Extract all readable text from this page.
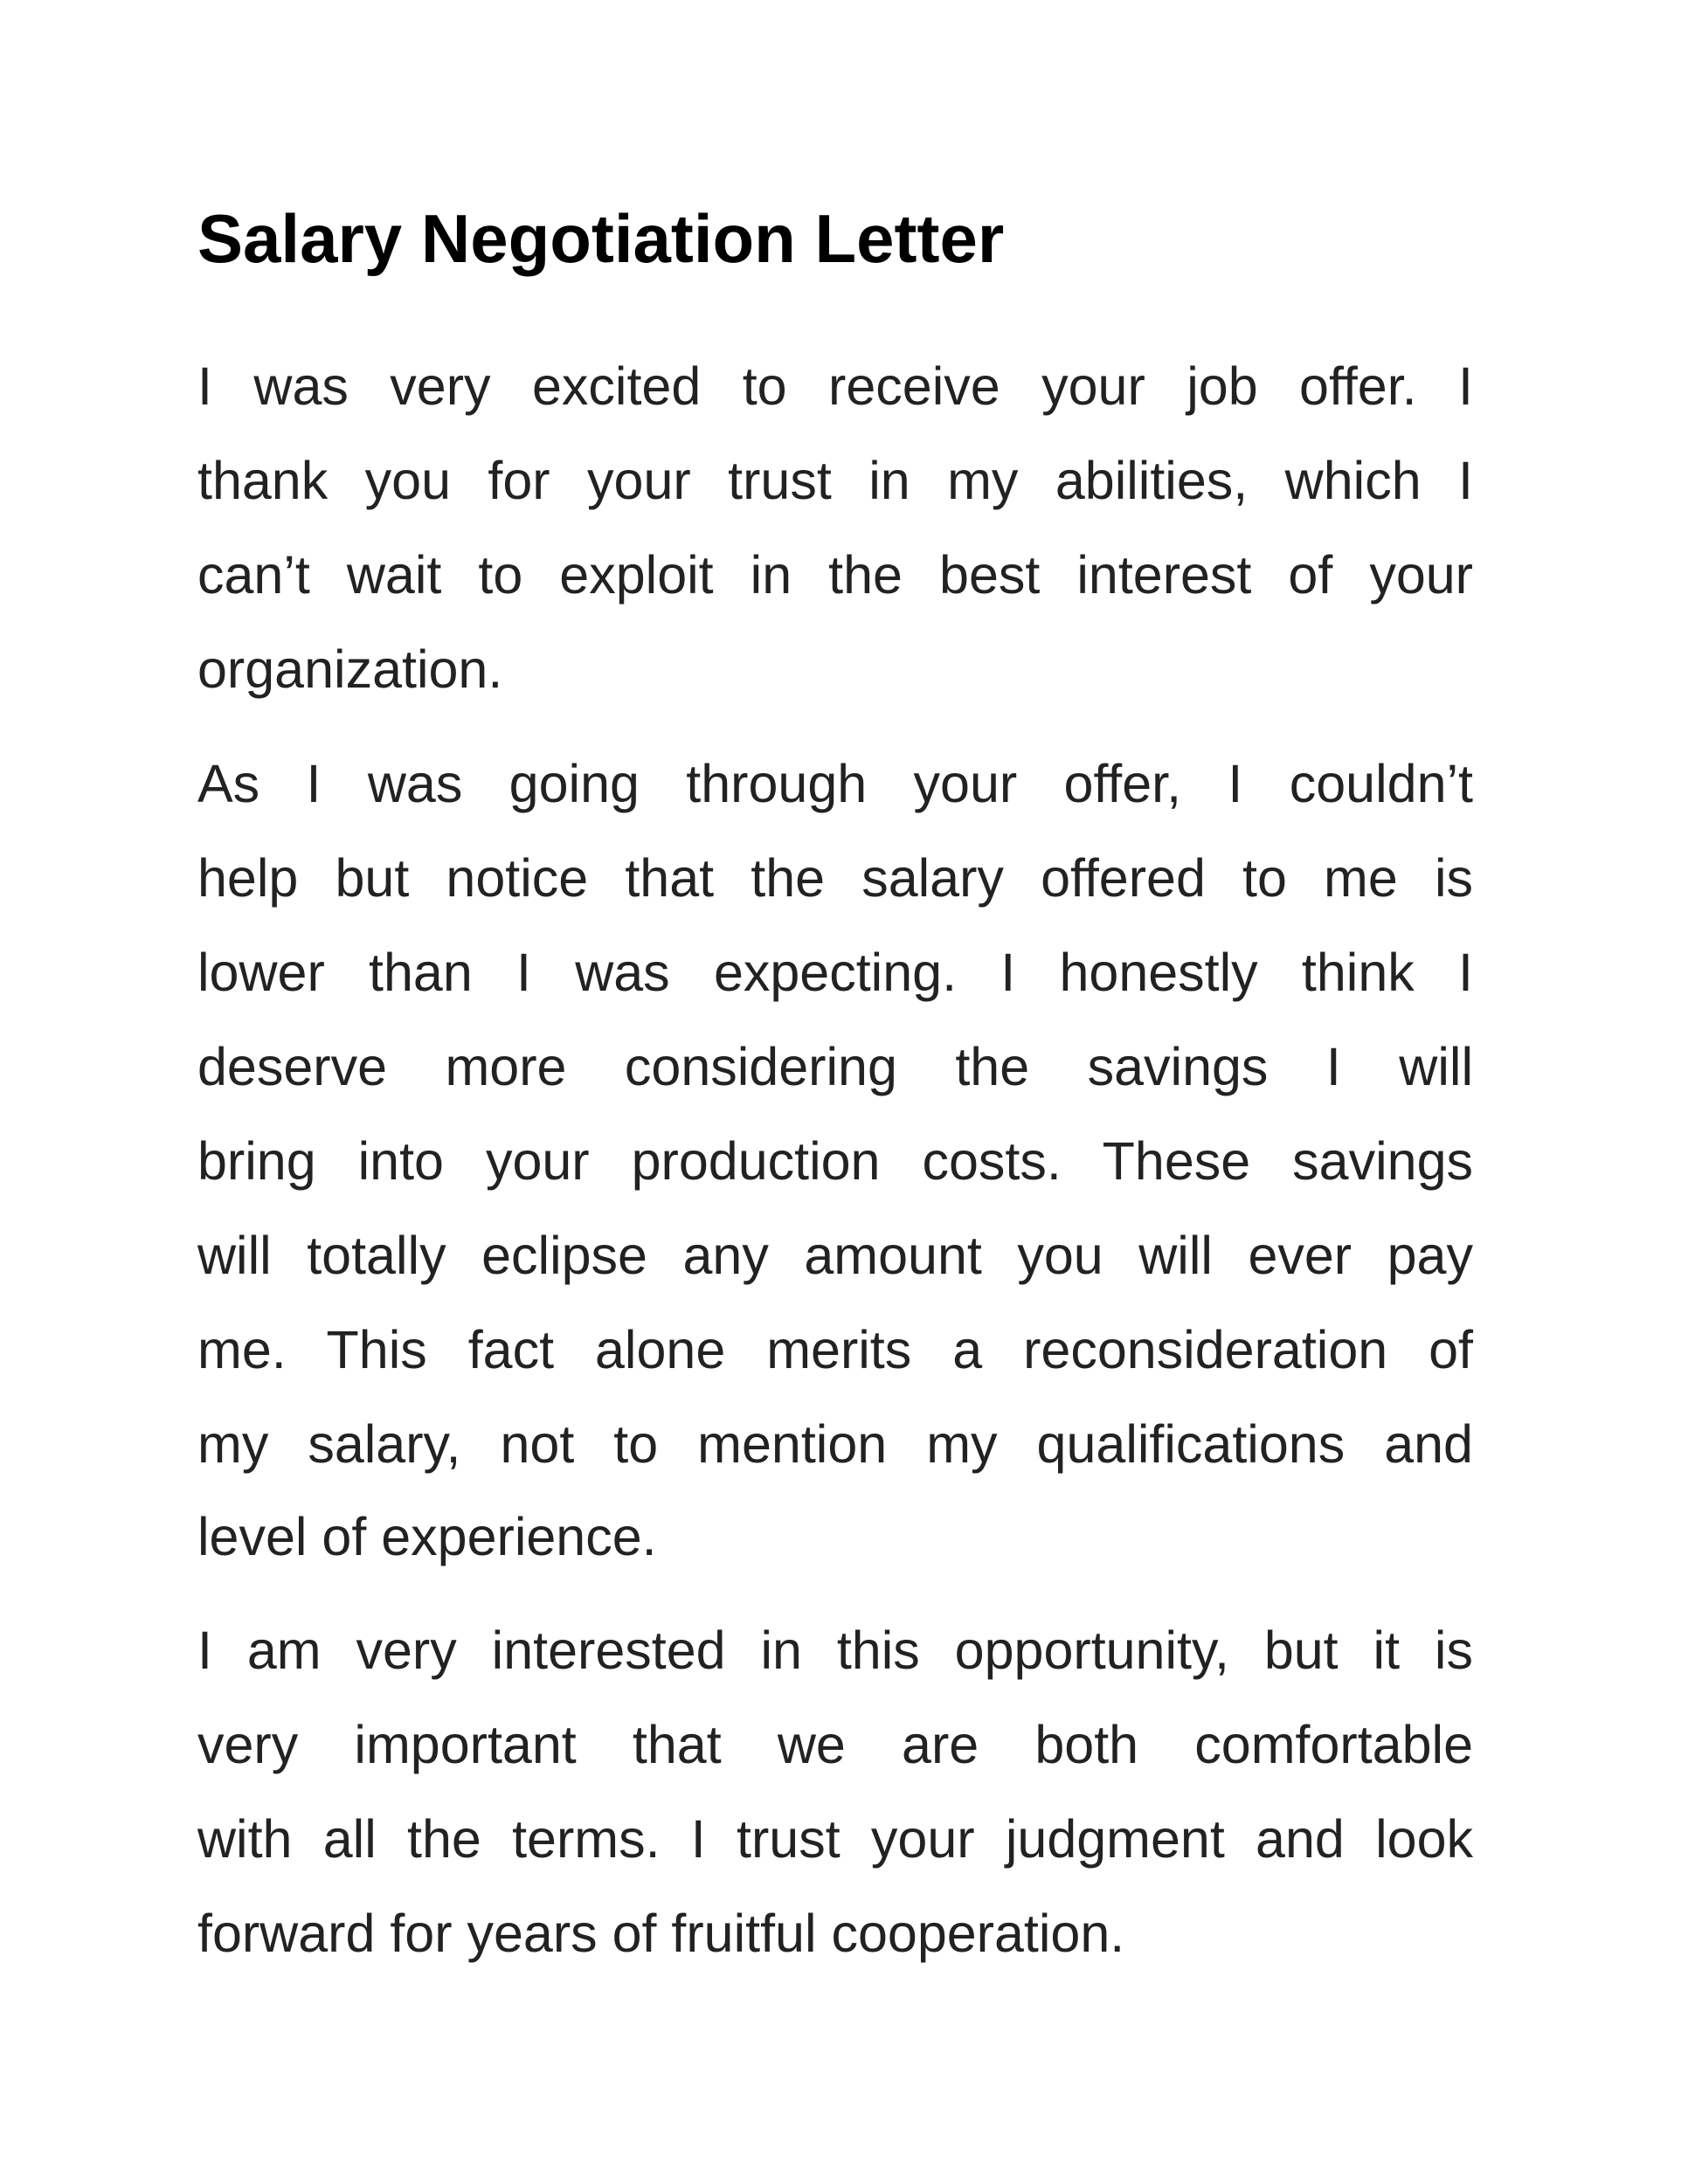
Salary Negotiation Letter
I was very excited to receive your job offer. I
thank you for your trust in my abilities, which I
can’t wait to exploit in the best interest of your
organization.
As I was going through your offer, I couldn’t
help but notice that the salary offered to me is
lower than I was expecting. I honestly think I
deserve more considering the savings I will
bring into your production costs. These savings
will totally eclipse any amount you will ever pay
me. This fact alone merits a reconsideration of
my salary, not to mention my qualifications and
level of experience.
I am very interested in this opportunity, but it is
very important that we are both comfortable
with all the terms. I trust your judgment and look
forward for years of fruitful cooperation.
